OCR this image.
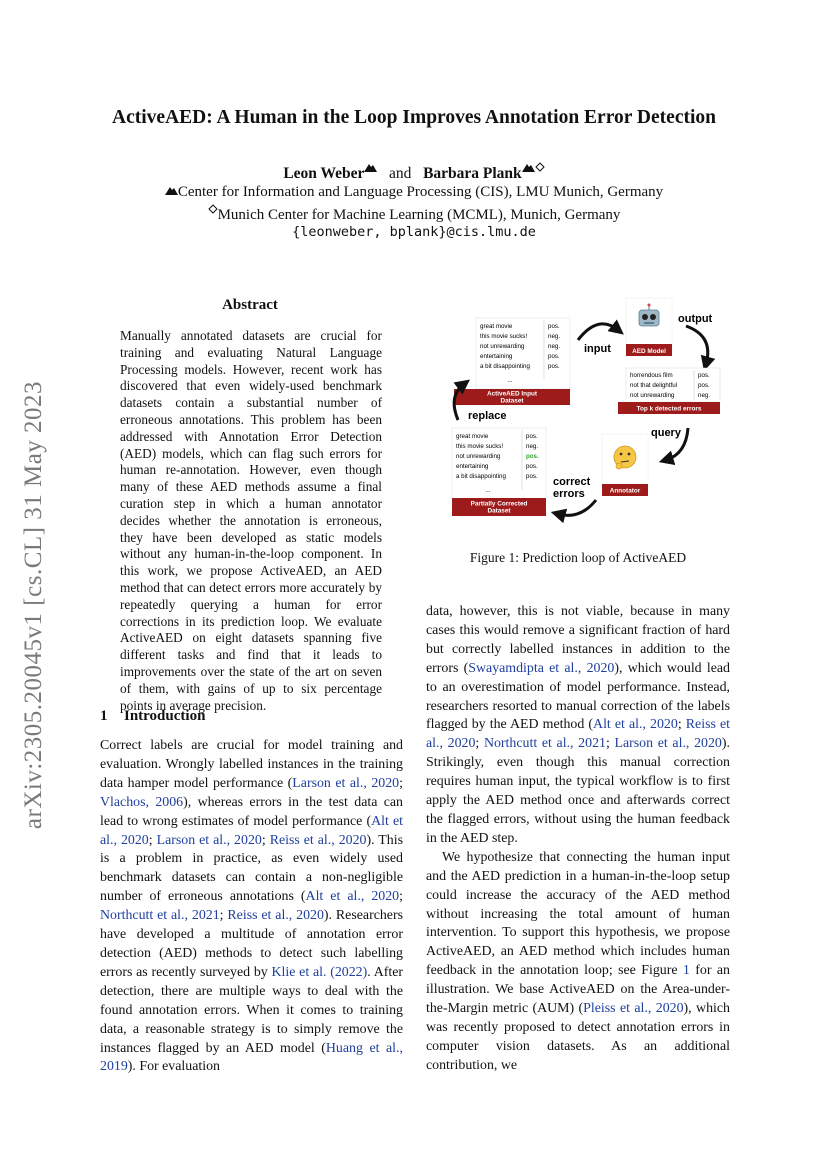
arXiv:2305.20045v1 [cs.CL] 31 May 2023
ActiveAED: A Human in the Loop Improves Annotation Error Detection
Leon Weber and Barbara Plank
Center for Information and Language Processing (CIS), LMU Munich, Germany
Munich Center for Machine Learning (MCML), Munich, Germany
{leonweber, bplank}@cis.lmu.de
Abstract
Manually annotated datasets are crucial for training and evaluating Natural Language Processing models. However, recent work has discovered that even widely-used benchmark datasets contain a substantial number of erroneous annotations. This problem has been addressed with Annotation Error Detection (AED) models, which can flag such errors for human re-annotation. However, even though many of these AED methods assume a final curation step in which a human annotator decides whether the annotation is erroneous, they have been developed as static models without any human-in-the-loop component. In this work, we propose ActiveAED, an AED method that can detect errors more accurately by repeatedly querying a human for error corrections in its prediction loop. We evaluate ActiveAED on eight datasets spanning five different tasks and find that it leads to improvements over the state of the art on seven of them, with gains of up to six percentage points in average precision.
1 Introduction

Correct labels are crucial for model training and evaluation. Wrongly labelled instances in the training data hamper model performance (Larson et al., 2020; Vlachos, 2006), whereas errors in the test data can lead to wrong estimates of model performance (Alt et al., 2020; Larson et al., 2020; Reiss et al., 2020). This is a problem in practice, as even widely used benchmark datasets can contain a non-negligible number of erroneous annotations (Alt et al., 2020; Northcutt et al., 2021; Reiss et al., 2020). Researchers have developed a multitude of annotation error detection (AED) methods to detect such labelling errors as recently surveyed by Klie et al. (2022). After detection, there are multiple ways to deal with the found annotation errors. When it comes to training data, a reasonable strategy is to simply remove the instances flagged by an AED model (Huang et al., 2019). For evaluation

great movie	pos.
this movie sucks!	neg.
not unrewarding	neg.
entertaining	pos.
a bit disappointing	pos.
...
ActiveAED Input
Dataset
input	AED Model
output
horrendous film	pos.
not that delightful	pos.
not unrewarding	neg.
Top k detected errors
query
Annotator
correct
errors
great movie	pos.
this movie sucks!	neg.
not unrewarding	pos.
entertaining	pos.
a bit disappointing	pos.
...
Partially Corrected
Dataset
replace
Figure 1: Prediction loop of ActiveAED

data, however, this is not viable, because in many cases this would remove a significant fraction of hard but correctly labelled instances in addition to the errors (Swayamdipta et al., 2020), which would lead to an overestimation of model performance. Instead, researchers resorted to manual correction of the labels flagged by the AED method (Alt et al., 2020; Reiss et al., 2020; Northcutt et al., 2021; Larson et al., 2020). Strikingly, even though this manual correction requires human input, the typical workflow is to first apply the AED method once and afterwards correct the flagged errors, without using the human feedback in the AED step.

We hypothesize that connecting the human input and the AED prediction in a human-in-the-loop setup could increase the accuracy of the AED method without increasing the total amount of human intervention. To support this hypothesis, we propose ActiveAED, an AED method which includes human feedback in the annotation loop; see Figure 1 for an illustration. We base ActiveAED on the Area-under-the-Margin metric (AUM) (Pleiss et al., 2020), which was recently proposed to detect annotation errors in computer vision datasets. As an additional contribution, we
